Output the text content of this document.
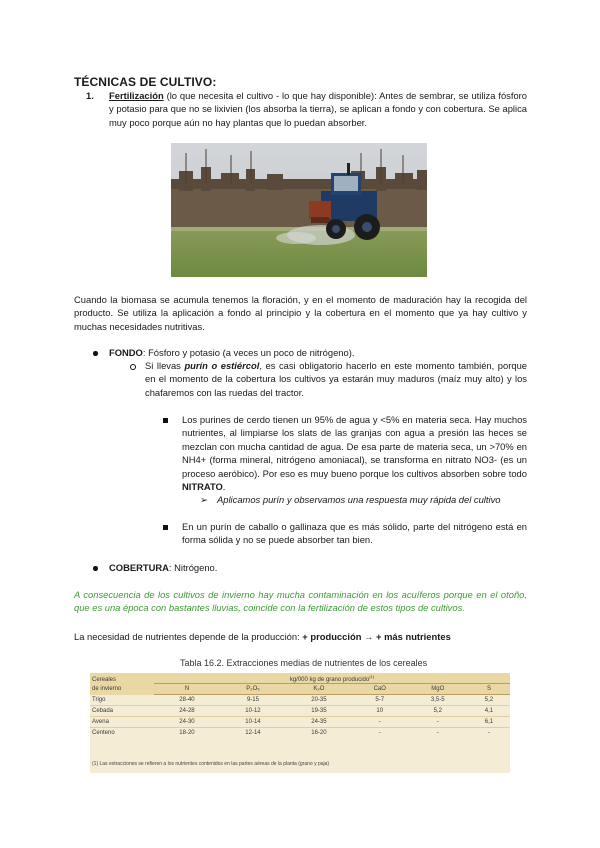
TÉCNICAS DE CULTIVO:
1. Fertilización (lo que necesita el cultivo - lo que hay disponible): Antes de sembrar, se utiliza fósforo y potasio para que no se lixivien (los absorba la tierra), se aplican a fondo y con cobertura. Se aplica muy poco porque aún no hay plantas que lo puedan absorber.
Cuando la biomasa se acumula tenemos la floración, y en el momento de maduración hay la recogida del producto. Se utiliza la aplicación a fondo al principio y la cobertura en el momento que ya hay cultivo y muchas necesidades nutritivas.
FONDO: Fósforo y potasio (a veces un poco de nitrógeno).
Si llevas purín o estiércol, es casi obligatorio hacerlo en este momento también, porque en el momento de la cobertura los cultivos ya estarán muy maduros (maíz muy alto) y los chafaremos con las ruedas del tractor.
Los purines de cerdo tienen un 95% de agua y <5% en materia seca. Hay muchos nutrientes, al limpiarse los slats de las granjas con agua a presión las heces se mezclan con mucha cantidad de agua. De esa parte de materia seca, un >70% en NH4+ (forma mineral, nitrógeno amoniacal), se transforma en nitrato NO3- (es un proceso aeróbico). Por eso es muy bueno porque los cultivos absorben sobre todo NITRATO.
➢ Aplicamos purín y observamos una respuesta muy rápida del cultivo
En un purín de caballo o gallinaza que es más sólido, parte del nitrógeno está en forma sólida y no se puede absorber tan bien.
COBERTURA: Nitrógeno.
A consecuencia de los cultivos de invierno hay mucha contaminación en los acuíferos porque en el otoño, que es una época con bastantes lluvias, coincide con la fertilización de estos tipos de cultivos.
La necesidad de nutrientes depende de la producción: + producción → + más nutrientes
Tabla 16.2. Extracciones medias de nutrientes de los cereales
Cereales
de invierno	kg/000 kg de grano producido$^{(1)}$
	N	P₂O₅	K₂O	CaO	MgO	S
Trigo	28-40	9-15	20-35	5-7	3,5-5	5,2
Cebada	24-28	10-12	19-35	10	5,2	4,1
Avena	24-30	10-14	24-35	-	-	6,1
Centeno	18-20	12-14	16-20	-	-	-
(1) Las extracciones se refieren a los nutrientes contenidos en las partes aéreas de la planta (grano y paja)
